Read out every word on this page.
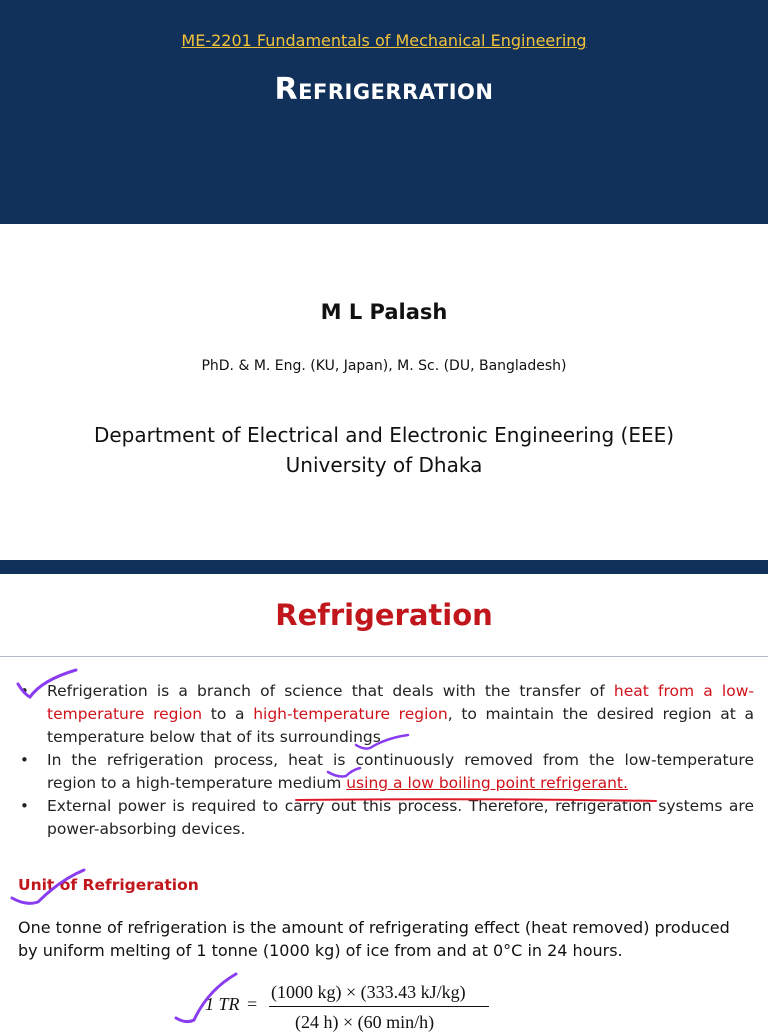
ME-2201 Fundamentals of Mechanical Engineering
Refrigerration
M L Palash
PhD. & M. Eng. (KU, Japan), M. Sc. (DU, Bangladesh)
Department of Electrical and Electronic Engineering (EEE)
University of Dhaka
Refrigeration
• Refrigeration is a branch of science that deals with the transfer of heat from a low-temperature region to a high-temperature region, to maintain the desired region at a temperature below that of its surroundings.
• In the refrigeration process, heat is continuously removed from the low-temperature region to a high-temperature medium using a low boiling point refrigerant.
• External power is required to carry out this process. Therefore, refrigeration systems are power-absorbing devices.
Unit of Refrigeration
One tonne of refrigeration is the amount of refrigerating effect (heat removed) produced by uniform melting of 1 tonne (1000 kg) of ice from and at 0°C in 24 hours.
1 TR =
(1000 kg) × (333.43 kJ/kg)
(24 h) × (60 min/h)
